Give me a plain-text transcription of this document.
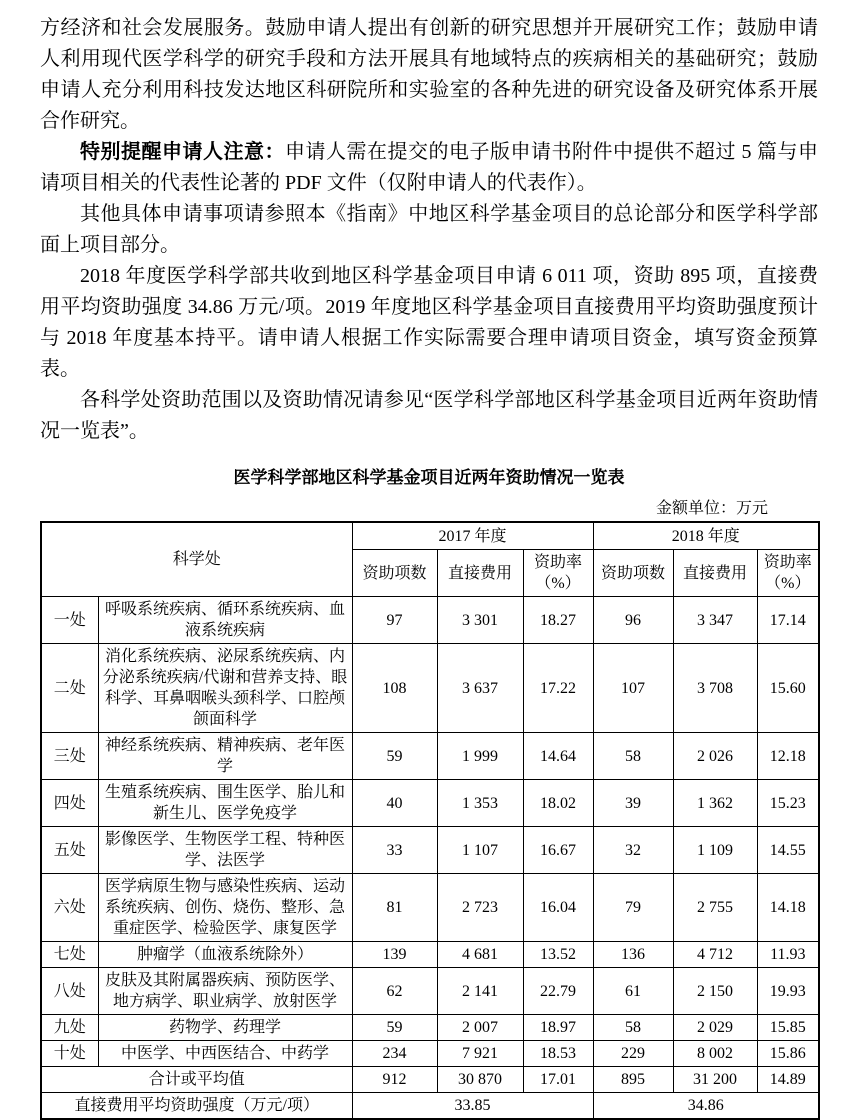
方经济和社会发展服务。鼓励申请人提出有创新的研究思想并开展研究工作；鼓励申请人利用现代医学科学的研究手段和方法开展具有地域特点的疾病相关的基础研究；鼓励申请人充分利用科技发达地区科研院所和实验室的各种先进的研究设备及研究体系开展合作研究。

特别提醒申请人注意：申请人需在提交的电子版申请书附件中提供不超过 5 篇与申请项目相关的代表性论著的 PDF 文件（仅附申请人的代表作）。

其他具体申请事项请参照本《指南》中地区科学基金项目的总论部分和医学科学部面上项目部分。

2018 年度医学科学部共收到地区科学基金项目申请 6 011 项，资助 895 项，直接费用平均资助强度 34.86 万元/项。2019 年度地区科学基金项目直接费用平均资助强度预计与 2018 年度基本持平。请申请人根据工作实际需要合理申请项目资金，填写资金预算表。

各科学处资助范围以及资助情况请参见“医学科学部地区科学基金项目近两年资助情况一览表”。

医学科学部地区科学基金项目近两年资助情况一览表
金额单位：万元
科学处		2017 年度			2018 年度		
		资助项数	直接费用	资助率（%）	资助项数	直接费用	资助率（%）
一处	呼吸系统疾病、循环系统疾病、血液系统疾病	97	3 301	18.27	96	3 347	17.14
二处	消化系统疾病、泌尿系统疾病、内分泌系统疾病/代谢和营养支持、眼科学、耳鼻咽喉头颈科学、口腔颅颌面科学	108	3 637	17.22	107	3 708	15.60
三处	神经系统疾病、精神疾病、老年医学	59	1 999	14.64	58	2 026	12.18
四处	生殖系统疾病、围生医学、胎儿和新生儿、医学免疫学	40	1 353	18.02	39	1 362	15.23
五处	影像医学、生物医学工程、特种医学、法医学	33	1 107	16.67	32	1 109	14.55
六处	医学病原生物与感染性疾病、运动系统疾病、创伤、烧伤、整形、急重症医学、检验医学、康复医学	81	2 723	16.04	79	2 755	14.18
七处	肿瘤学（血液系统除外）	139	4 681	13.52	136	4 712	11.93
八处	皮肤及其附属器疾病、预防医学、地方病学、职业病学、放射医学	62	2 141	22.79	61	2 150	19.93
九处	药物学、药理学	59	2 007	18.97	58	2 029	15.85
十处	中医学、中西医结合、中药学	234	7 921	18.53	229	8 002	15.86
合计或平均值		912	30 870	17.01	895	31 200	14.89
直接费用平均资助强度（万元/项）		33.85			34.86		
